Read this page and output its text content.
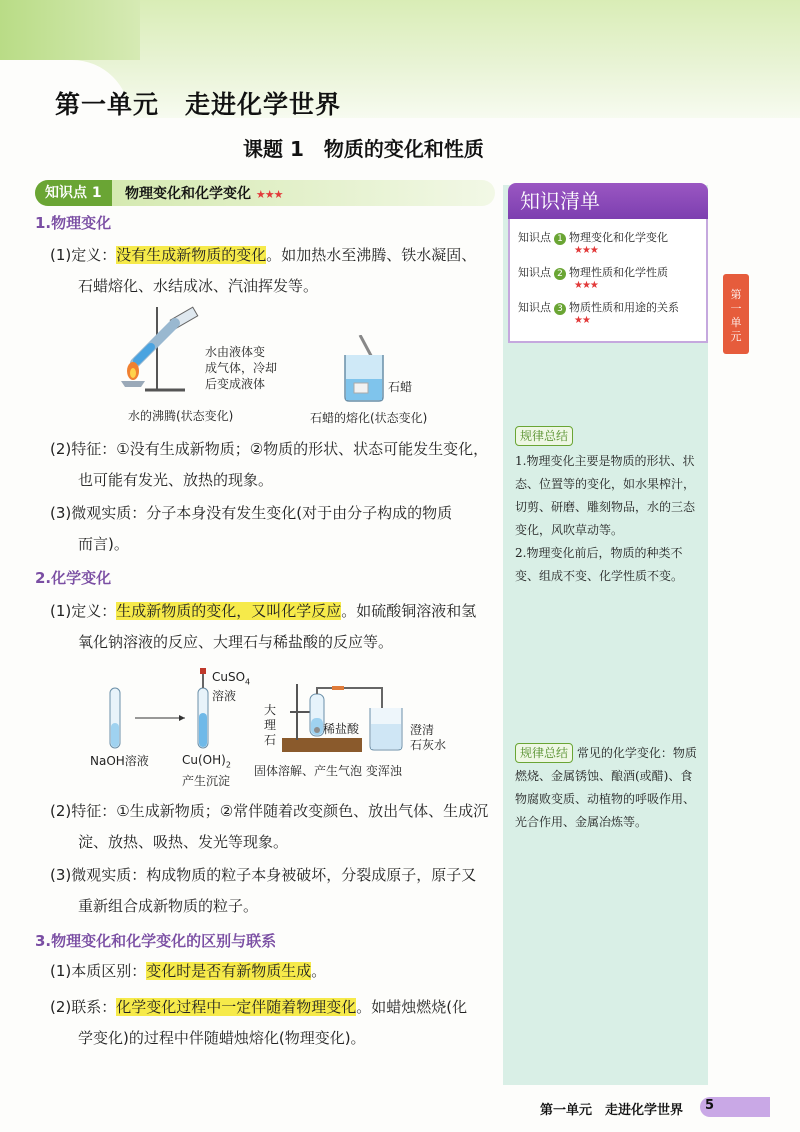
第一单元　走进化学世界
课题 1　物质的变化和性质
知识点 1	物理变化和化学变化 ★★★
1.物理变化
(1)定义：没有生成新物质的变化。如加热水至沸腾、铁水凝固、
石蜡熔化、水结成冰、汽油挥发等。
水由液体变
成气体，冷却
后变成液体	石蜡
水的沸腾(状态变化)	石蜡的熔化(状态变化)
(2)特征：①没有生成新物质；②物质的形状、状态可能发生变化，
也可能有发光、放热的现象。
(3)微观实质：分子本身没有发生变化(对于由分子构成的物质
而言)。
2.化学变化
(1)定义：生成新物质的变化，又叫化学反应。如硫酸铜溶液和氢
氧化钠溶液的反应、大理石与稀盐酸的反应等。
CuSO$_4$
溶液
NaOH溶液	$Cu(OH)_2$
产生沉淀
大
理
石
稀盐酸	澄清
石灰水
固体溶解、产生气泡 变浑浊
(2)特征：①生成新物质；②常伴随着改变颜色、放出气体、生成沉
淀、放热、吸热、发光等现象。
(3)微观实质：构成物质的粒子本身被破坏，分裂成原子，原子又
重新组合成新物质的粒子。
3.物理变化和化学变化的区别与联系
(1)本质区别：变化时是否有新物质生成。
(2)联系：化学变化过程中一定伴随着物理变化。如蜡烛燃烧(化
学变化)的过程中伴随蜡烛熔化(物理变化)。
知识清单
知识点 1 物理变化和化学变化
★★★
知识点 2 物理性质和化学性质
★★★
知识点 3 物质性质和用途的关系
★★
规律总结
1.物理变化主要是物质的形状、状态、位置等的变化，如水果榨汁，切剪、研磨、雕刻物品，水的三态变化，风吹草动等。
2.物理变化前后，物质的种类不变、组成不变、化学性质不变。
规律总结 常见的化学变化：物质燃烧、金属锈蚀、酿酒(或醋)、食物腐败变质、动植物的呼吸作用、光合作用、金属冶炼等。
第
一
单
元
第一单元　走进化学世界 5
